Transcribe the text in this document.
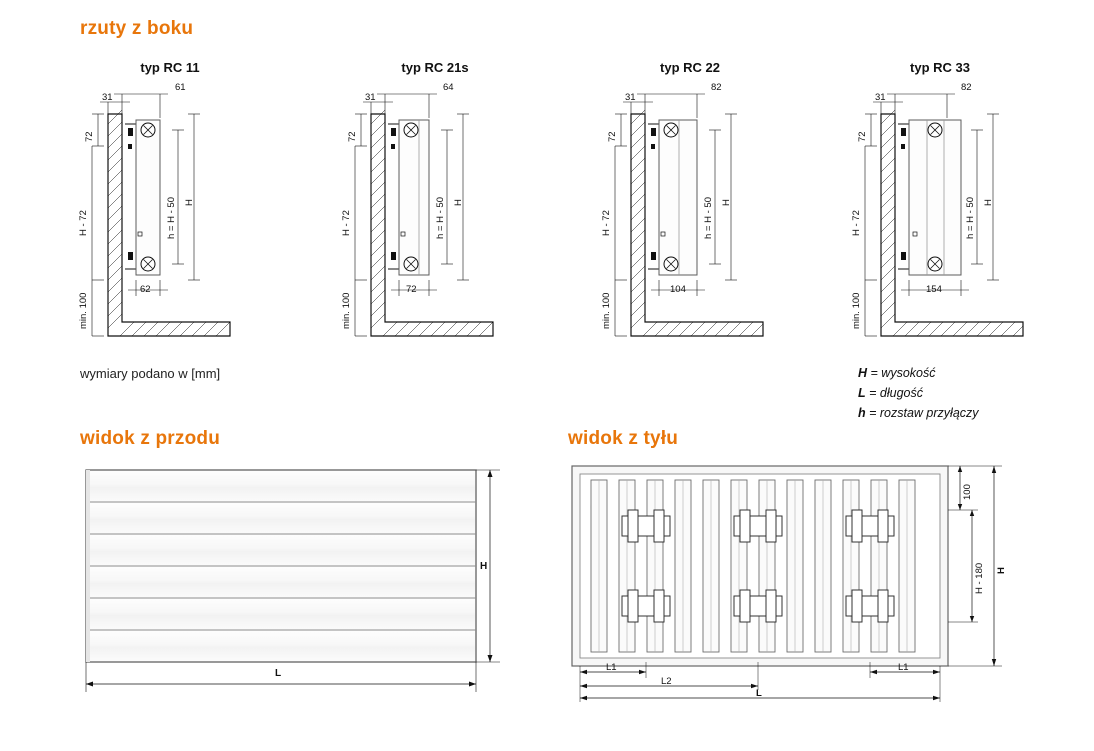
rzuty z boku
typ RC 11	typ RC 21s	typ RC 22	typ RC 33
61
31
72
H - 72
min. 100
h = H - 50 H
62
64
31
72
H - 72
min. 100
h = H - 50 H
72
82
31
72
H - 72
min. 100
h = H - 50 H
104
82
31
72
H - 72
min. 100
h = H - 50 H
154
wymiary podano w [mm]	H = wysokość
L = długość
h = rozstaw przyłączy
widok z przodu
H
L
widok z tyłu
100
H - 180 H
L1	L1
L2
L
